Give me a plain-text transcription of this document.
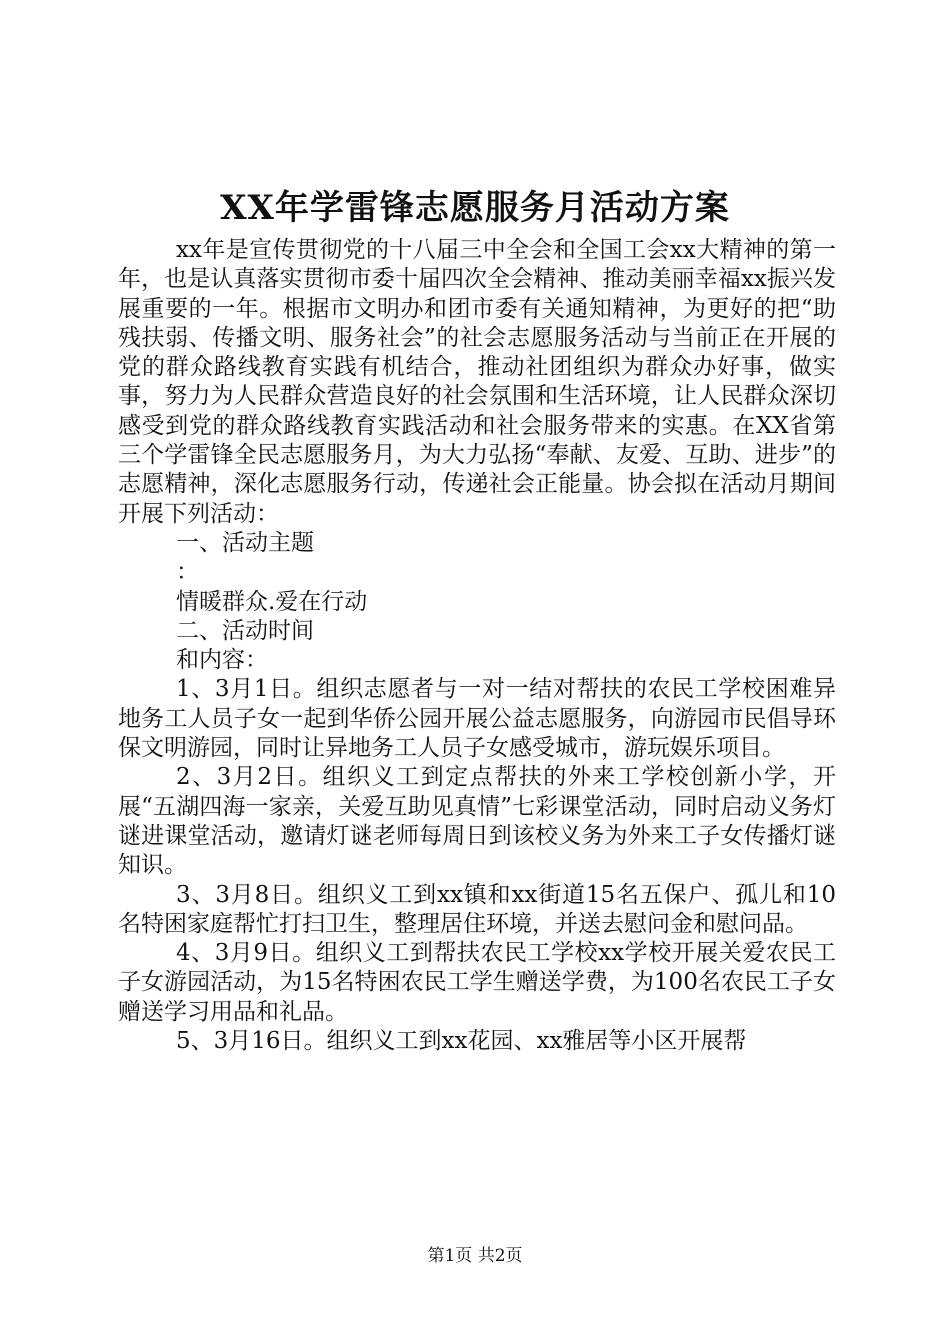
XX年学雷锋志愿服务月活动方案

xx年是宣传贯彻党的十八届三中全会和全国工会xx大精神的第一年，也是认真落实贯彻市委十届四次全会精神、推动美丽幸福xx振兴发展重要的一年。根据市文明办和团市委有关通知精神，为更好的把“助残扶弱、传播文明、服务社会”的社会志愿服务活动与当前正在开展的党的群众路线教育实践有机结合，推动社团组织为群众办好事，做实事，努力为人民群众营造良好的社会氛围和生活环境，让人民群众深切感受到党的群众路线教育实践活动和社会服务带来的实惠。在XX省第三个学雷锋全民志愿服务月，为大力弘扬“奉献、友爱、互助、进步”的志愿精神，深化志愿服务行动，传递社会正能量。协会拟在活动月期间开展下列活动：

一、活动主题

：

情暖群众.爱在行动

二、活动时间

和内容：

1、3月1日。组织志愿者与一对一结对帮扶的农民工学校困难异地务工人员子女一起到华侨公园开展公益志愿服务，向游园市民倡导环保文明游园，同时让异地务工人员子女感受城市，游玩娱乐项目。

2、3月2日。组织义工到定点帮扶的外来工学校创新小学，开展“五湖四海一家亲，关爱互助见真情”七彩课堂活动，同时启动义务灯谜进课堂活动，邀请灯谜老师每周日到该校义务为外来工子女传播灯谜知识。

3、3月8日。组织义工到xx镇和xx街道15名五保户、孤儿和10名特困家庭帮忙打扫卫生，整理居住环境，并送去慰问金和慰问品。

4、3月9日。组织义工到帮扶农民工学校xx学校开展关爱农民工子女游园活动，为15名特困农民工学生赠送学费，为100名农民工子女赠送学习用品和礼品。

5、3月16日。组织义工到xx花园、xx雅居等小区开展帮

第1页 共2页
